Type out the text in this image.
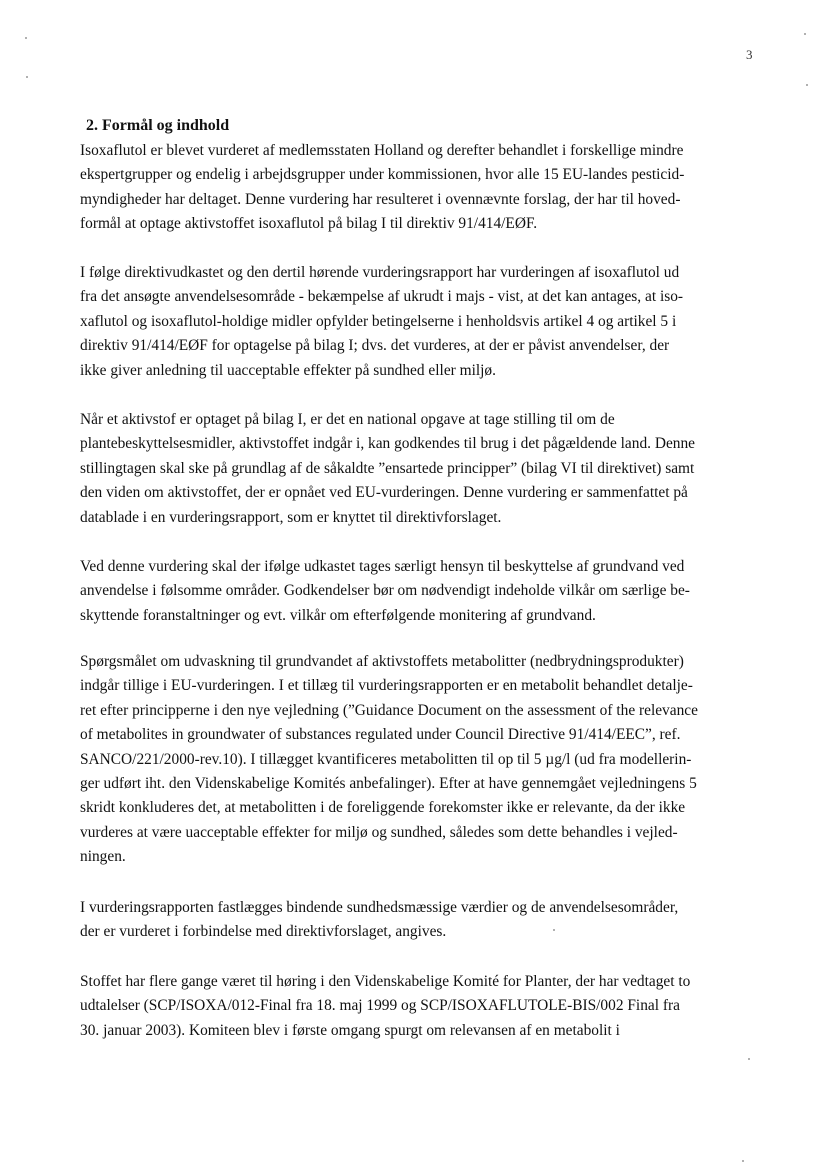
3
2. Formål og indhold
Isoxaflutol er blevet vurderet af medlemsstaten Holland og derefter behandlet i forskellige mindre
ekspertgrupper og endelig i arbejdsgrupper under kommissionen, hvor alle 15 EU-landes pesticid-
myndigheder har deltaget. Denne vurdering har resulteret i ovennævnte forslag, der har til hoved-
formål at optage aktivstoffet isoxaflutol på bilag I til direktiv 91/414/EØF.
I følge direktivudkastet og den dertil hørende vurderingsrapport har vurderingen af isoxaflutol ud
fra det ansøgte anvendelsesområde - bekæmpelse af ukrudt i majs - vist, at det kan antages, at iso-
xaflutol og isoxaflutol-holdige midler opfylder betingelserne i henholdsvis artikel 4 og artikel 5 i
direktiv 91/414/EØF for optagelse på bilag I; dvs. det vurderes, at der er påvist anvendelser, der
ikke giver anledning til uacceptable effekter på sundhed eller miljø.
Når et aktivstof er optaget på bilag I, er det en national opgave at tage stilling til om de
plantebeskyttelsesmidler, aktivstoffet indgår i, kan godkendes til brug i det pågældende land. Denne
stillingtagen skal ske på grundlag af de såkaldte ”ensartede principper” (bilag VI til direktivet) samt
den viden om aktivstoffet, der er opnået ved EU-vurderingen. Denne vurdering er sammenfattet på
datablade i en vurderingsrapport, som er knyttet til direktivforslaget.
Ved denne vurdering skal der ifølge udkastet tages særligt hensyn til beskyttelse af grundvand ved
anvendelse i følsomme områder. Godkendelser bør om nødvendigt indeholde vilkår om særlige be-
skyttende foranstaltninger og evt. vilkår om efterfølgende monitering af grundvand.
Spørgsmålet om udvaskning til grundvandet af aktivstoffets metabolitter (nedbrydningsprodukter)
indgår tillige i EU-vurderingen. I et tillæg til vurderingsrapporten er en metabolit behandlet detalje-
ret efter principperne i den nye vejledning (”Guidance Document on the assessment of the relevance
of metabolites in groundwater of substances regulated under Council Directive 91/414/EEC”, ref.
SANCO/221/2000-rev.10). I tillægget kvantificeres metabolitten til op til 5 µg/l (ud fra modellerin-
ger udført iht. den Videnskabelige Komités anbefalinger). Efter at have gennemgået vejledningens 5
skridt konkluderes det, at metabolitten i de foreliggende forekomster ikke er relevante, da der ikke
vurderes at være uacceptable effekter for miljø og sundhed, således som dette behandles i vejled-
ningen.
I vurderingsrapporten fastlægges bindende sundhedsmæssige værdier og de anvendelsesområder,
der er vurderet i forbindelse med direktivforslaget, angives.
Stoffet har flere gange været til høring i den Videnskabelige Komité for Planter, der har vedtaget to
udtalelser (SCP/ISOXA/012-Final fra 18. maj 1999 og SCP/ISOXAFLUTOLE-BIS/002 Final fra
30. januar 2003). Komiteen blev i første omgang spurgt om relevansen af en metabolit i
